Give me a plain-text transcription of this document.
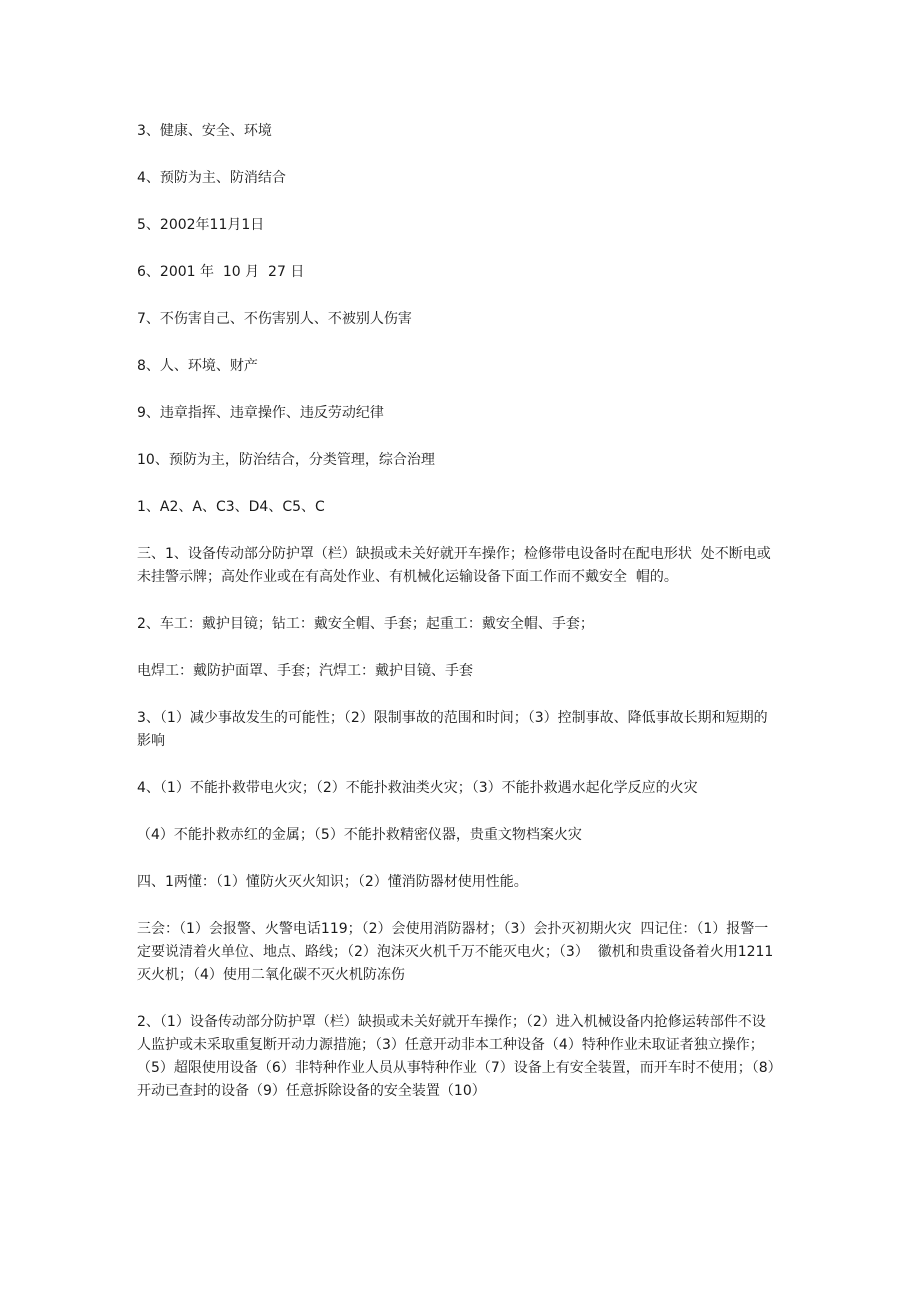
3、健康、安全、环境

4、预防为主、防消结合

5、2002年11月1日

6、2001 年  10 月  27 日

7、不伤害自己、不伤害别人、不被别人伤害

8、人、环境、财产

9、违章指挥、违章操作、违反劳动纪律

10、预防为主，防治结合，分类管理，综合治理

1、A2、A、C3、D4、C5、C

三、1、设备传动部分防护罩（栏）缺损或未关好就开车操作；检修带电设备时在配电形状  处不断电或未挂警示牌；高处作业或在有高处作业、有机械化运输设备下面工作而不戴安全  帽的。

2、车工：戴护目镜；钻工：戴安全帽、手套；起重工：戴安全帽、手套；

电焊工：戴防护面罩、手套；汽焊工：戴护目镜、手套

3、（1）减少事故发生的可能性；（2）限制事故的范围和时间；（3）控制事故、降低事故长期和短期的影响

4、（1）不能扑救带电火灾；（2）不能扑救油类火灾；（3）不能扑救遇水起化学反应的火灾

（4）不能扑救赤红的金属；（5）不能扑救精密仪器，贵重文物档案火灾

四、1两懂：（1）懂防火灭火知识；（2）懂消防器材使用性能。

三会：（1）会报警、火警电话119；（2）会使用消防器材；（3）会扑灭初期火灾  四记住：（1）报警一定要说清着火单位、地点、路线；（2）泡沫灭火机千万不能灭电火；（3）  徽机和贵重设备着火用1211灭火机；（4）使用二氧化碳不灭火机防冻伤

2、（1）设备传动部分防护罩（栏）缺损或未关好就开车操作；（2）进入机械设备内抢修运转部件不设人监护或未采取重复断开动力源措施；（3）任意开动非本工种设备（4）特种作业未取证者独立操作；（5）超限使用设备（6）非特种作业人员从事特种作业（7）设备上有安全装置，而开车时不使用；（8）开动已查封的设备（9）任意拆除设备的安全装置（10）
